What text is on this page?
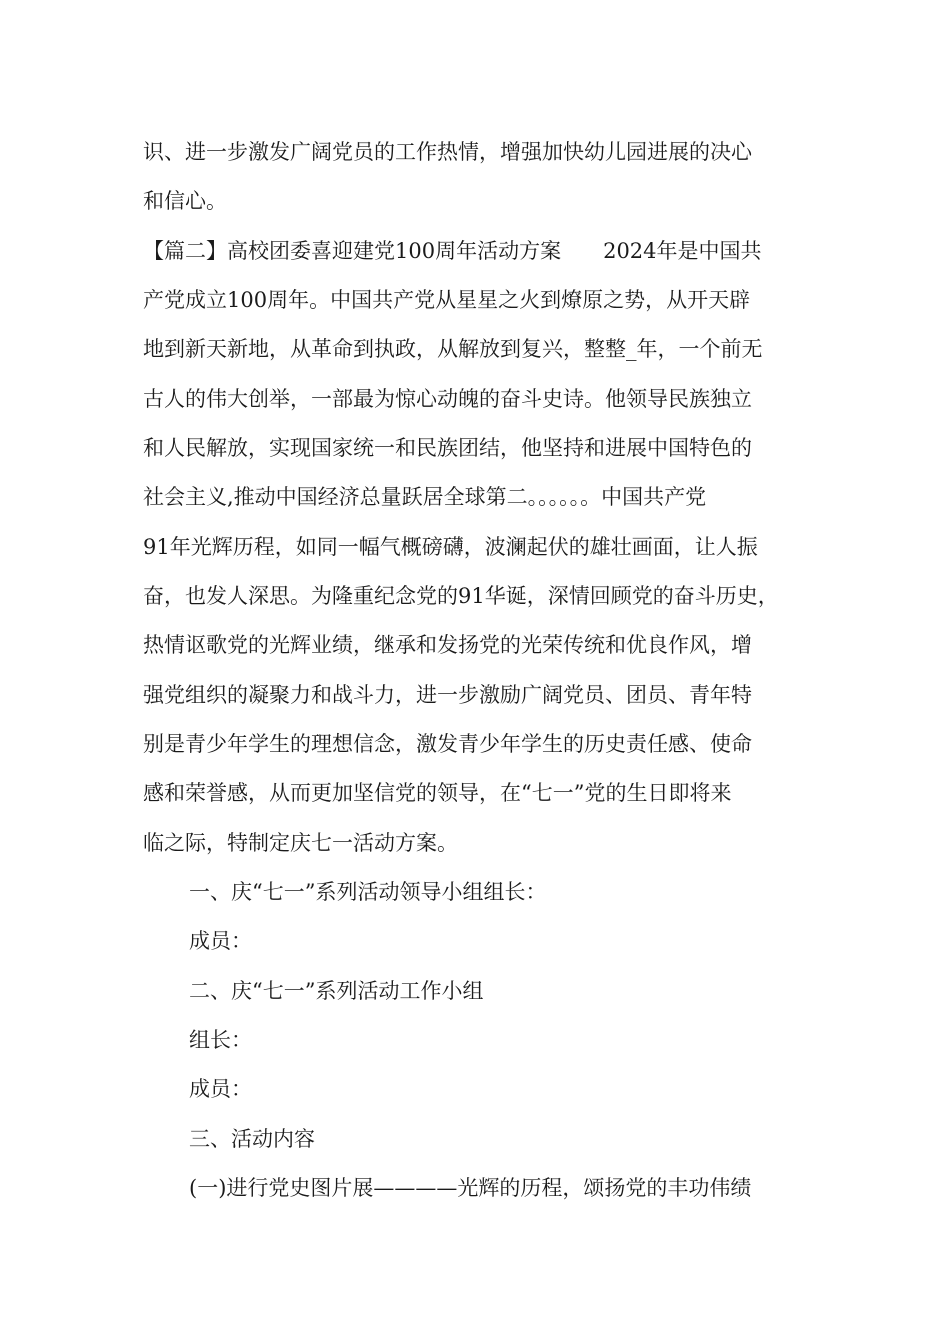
识、进一步激发广阔党员的工作热情，增强加快幼儿园进展的决心

和信心。

【篇二】高校团委喜迎建党100周年活动方案　　2024年是中国共

产党成立100周年。中国共产党从星星之火到燎原之势，从开天辟

地到新天新地，从革命到执政，从解放到复兴，整整_年，一个前无

古人的伟大创举，一部最为惊心动魄的奋斗史诗。他领导民族独立

和人民解放，实现国家统一和民族团结，他坚持和进展中国特色的

社会主义,推动中国经济总量跃居全球第二。。。。。。中国共产党

91年光辉历程，如同一幅气概磅礴，波澜起伏的雄壮画面，让人振

奋，也发人深思。为隆重纪念党的91华诞，深情回顾党的奋斗历史，

热情讴歌党的光辉业绩，继承和发扬党的光荣传统和优良作风，增

强党组织的凝聚力和战斗力，进一步激励广阔党员、团员、青年特

别是青少年学生的理想信念，激发青少年学生的历史责任感、使命

感和荣誉感，从而更加坚信党的领导，在“七一”党的生日即将来

临之际，特制定庆七一活动方案。

一、庆“七一”系列活动领导小组组长：

成员：

二、庆“七一”系列活动工作小组

组长：

成员：

三、活动内容

(一)进行党史图片展————光辉的历程，颂扬党的丰功伟绩
